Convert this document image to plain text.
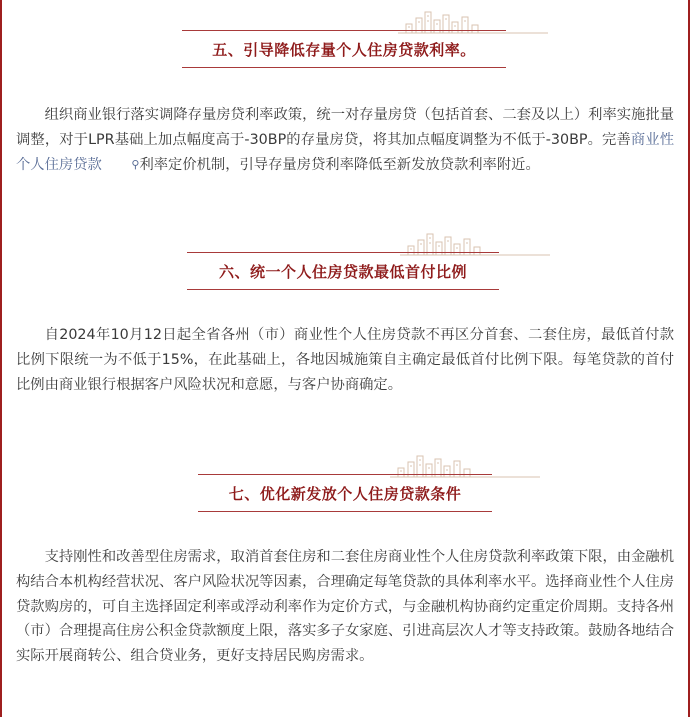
五、引导降低存量个人住房贷款利率。

组织商业银行落实调降存量房贷利率政策，统一对存量房贷（包括首套、二套及以上）利率实施批量调整，对于LPR基础上加点幅度高于-30BP的存量房贷，将其加点幅度调整为不低于-30BP。完善商业性个人住房贷款	⚲利率定价机制，引导存量房贷利率降低至新发放贷款利率附近。

六、统一个人住房贷款最低首付比例

自2024年10月12日起全省各州（市）商业性个人住房贷款不再区分首套、二套住房，最低首付款比例下限统一为不低于15%，在此基础上，各地因城施策自主确定最低首付比例下限。每笔贷款的首付比例由商业银行根据客户风险状况和意愿，与客户协商确定。

七、优化新发放个人住房贷款条件

支持刚性和改善型住房需求，取消首套住房和二套住房商业性个人住房贷款利率政策下限，由金融机构结合本机构经营状况、客户风险状况等因素，合理确定每笔贷款的具体利率水平。选择商业性个人住房贷款购房的，可自主选择固定利率或浮动利率作为定价方式，与金融机构协商约定重定价周期。支持各州（市）合理提高住房公积金贷款额度上限，落实多子女家庭、引进高层次人才等支持政策。鼓励各地结合实际开展商转公、组合贷业务，更好支持居民购房需求。
